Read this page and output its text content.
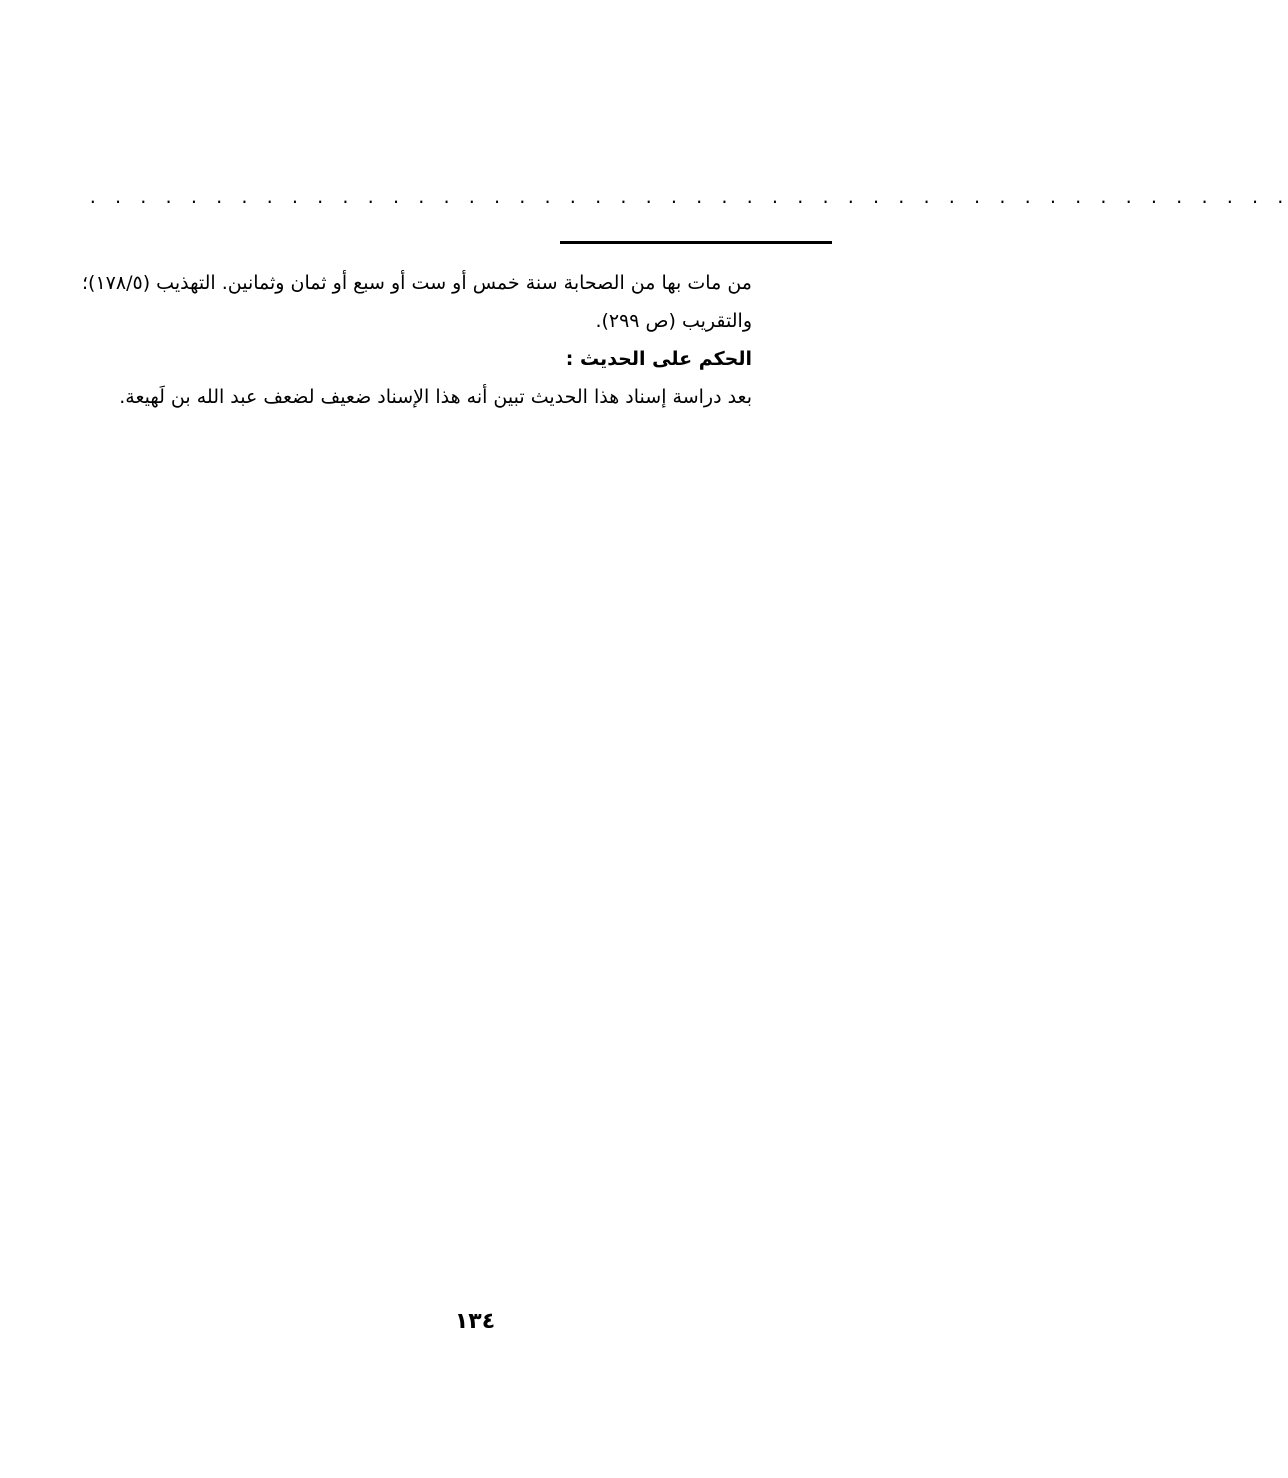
. . . . . . . . . . . . . . . . . . . . . . . . . . . . . . . . . . . . . . . . . . . . . . . .

من مات بها من الصحابة سنة خمس أو ست أو سبع أو ثمان وثمانين. التهذيب (١٧٨/٥)؛ والتقريب (ص ٢٩٩).

الحكم على الحديث :

بعد دراسة إسناد هذا الحديث تبين أنه هذا الإسناد ضعيف لضعف عبد الله بن لَهيعة.

١٣٤
